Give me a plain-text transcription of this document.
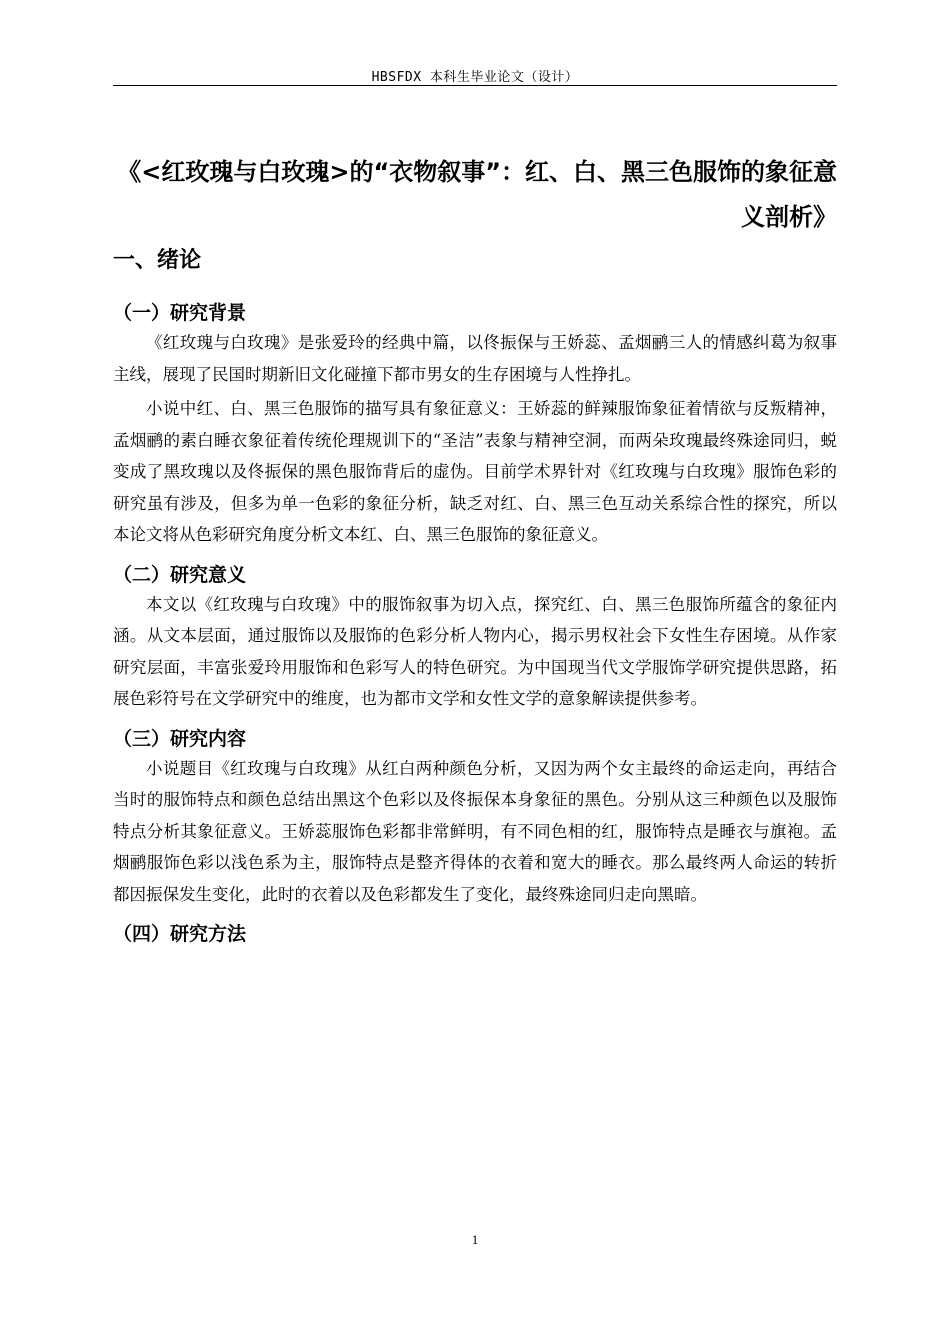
HBSFDX 本科生毕业论文（设计）
《<红玫瑰与白玫瑰>的“衣物叙事”：红、白、黑三色服饰的象征意义剖析》
一、绪论
（一）研究背景

《红玫瑰与白玫瑰》是张爱玲的经典中篇，以佟振保与王娇蕊、孟烟鹂三人的情感纠葛为叙事主线，展现了民国时期新旧文化碰撞下都市男女的生存困境与人性挣扎。

小说中红、白、黑三色服饰的描写具有象征意义：王娇蕊的鲜辣服饰象征着情欲与反叛精神，孟烟鹂的素白睡衣象征着传统伦理规训下的“圣洁”表象与精神空洞，而两朵玫瑰最终殊途同归，蜕变成了黑玫瑰以及佟振保的黑色服饰背后的虚伪。目前学术界针对《红玫瑰与白玫瑰》服饰色彩的研究虽有涉及，但多为单一色彩的象征分析，缺乏对红、白、黑三色互动关系综合性的探究，所以本论文将从色彩研究角度分析文本红、白、黑三色服饰的象征意义。

（二）研究意义

本文以《红玫瑰与白玫瑰》中的服饰叙事为切入点，探究红、白、黑三色服饰所蕴含的象征内涵。从文本层面，通过服饰以及服饰的色彩分析人物内心，揭示男权社会下女性生存困境。从作家研究层面，丰富张爱玲用服饰和色彩写人的特色研究。为中国现当代文学服饰学研究提供思路，拓展色彩符号在文学研究中的维度，也为都市文学和女性文学的意象解读提供参考。

（三）研究内容

小说题目《红玫瑰与白玫瑰》从红白两种颜色分析，又因为两个女主最终的命运走向，再结合当时的服饰特点和颜色总结出黑这个色彩以及佟振保本身象征的黑色。分别从这三种颜色以及服饰特点分析其象征意义。王娇蕊服饰色彩都非常鲜明，有不同色相的红，服饰特点是睡衣与旗袍。孟烟鹂服饰色彩以浅色系为主，服饰特点是整齐得体的衣着和宽大的睡衣。那么最终两人命运的转折都因振保发生变化，此时的衣着以及色彩都发生了变化，最终殊途同归走向黑暗。

（四）研究方法
1
